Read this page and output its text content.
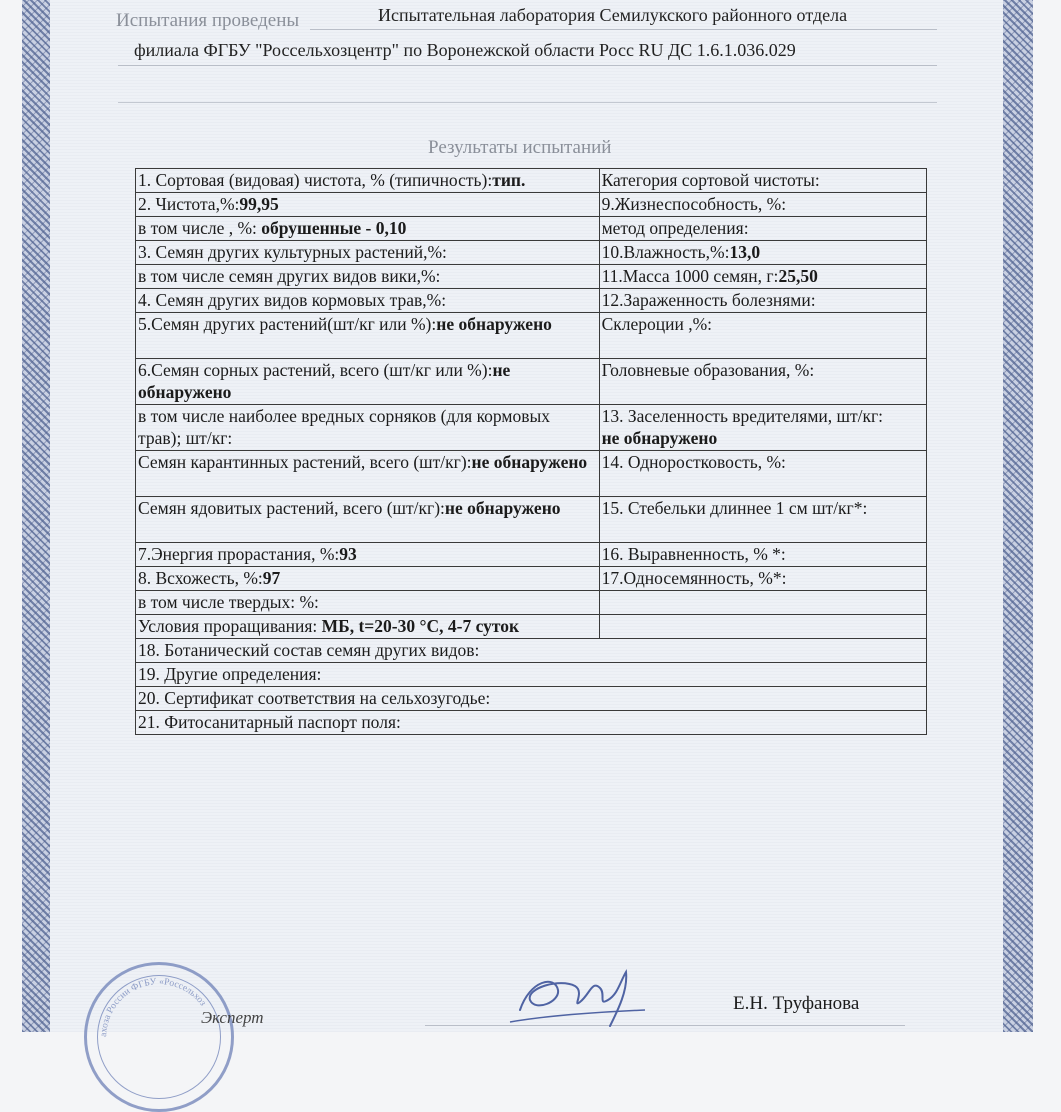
Испытания проведены	Испытательная лаборатория Семилукского районного отдела
филиала ФГБУ "Россельхозцентр" по Воронежской области Росс RU ДС 1.6.1.036.029
Результаты испытаний
1. Сортовая (видовая) чистота, % (типичность):тип.	Категория сортовой чистоты:
2. Чистота,%:99,95	9.Жизнеспособность, %:
в том числе , %: обрушенные - 0,10	метод определения:
3. Семян других культурных растений,%:	10.Влажность,%:13,0
в том числе семян других видов вики,%:	11.Масса 1000 семян, г:25,50
4. Семян других видов кормовых трав,%:	12.Зараженность болезнями:
5.Семян других растений(шт/кг или %):не обнаружено	Склероции ,%:
6.Семян сорных растений, всего (шт/кг или %):не обнаружено	Головневые образования, %:
в том числе наиболее вредных сорняков (для кормовых трав); шт/кг:	13. Заселенность вредителями, шт/кг:
не обнаружено
Семян карантинных растений, всего (шт/кг):не обнаружено	14. Однoростковость, %:
Семян ядовитых растений, всего (шт/кг):не обнаружено	15. Стебельки длиннее 1 см шт/кг*:
7.Энергия прорастания, %:93	16. Выравненность, % *:
8. Всхожесть, %:97	17.Односемянность, %*:
в том числе твердых: %:	
Условия проращивания: МБ, t=20-30 °С, 4-7 суток	
18. Ботанический состав семян других видов:	
19. Другие определения:	
20. Сертификат соответствия на сельхозугодье:	
21. Фитосанитарный паспорт поля:	
ахоза России ФГБУ «Россельхоз
Эксперт
Е.Н. Труфанова
